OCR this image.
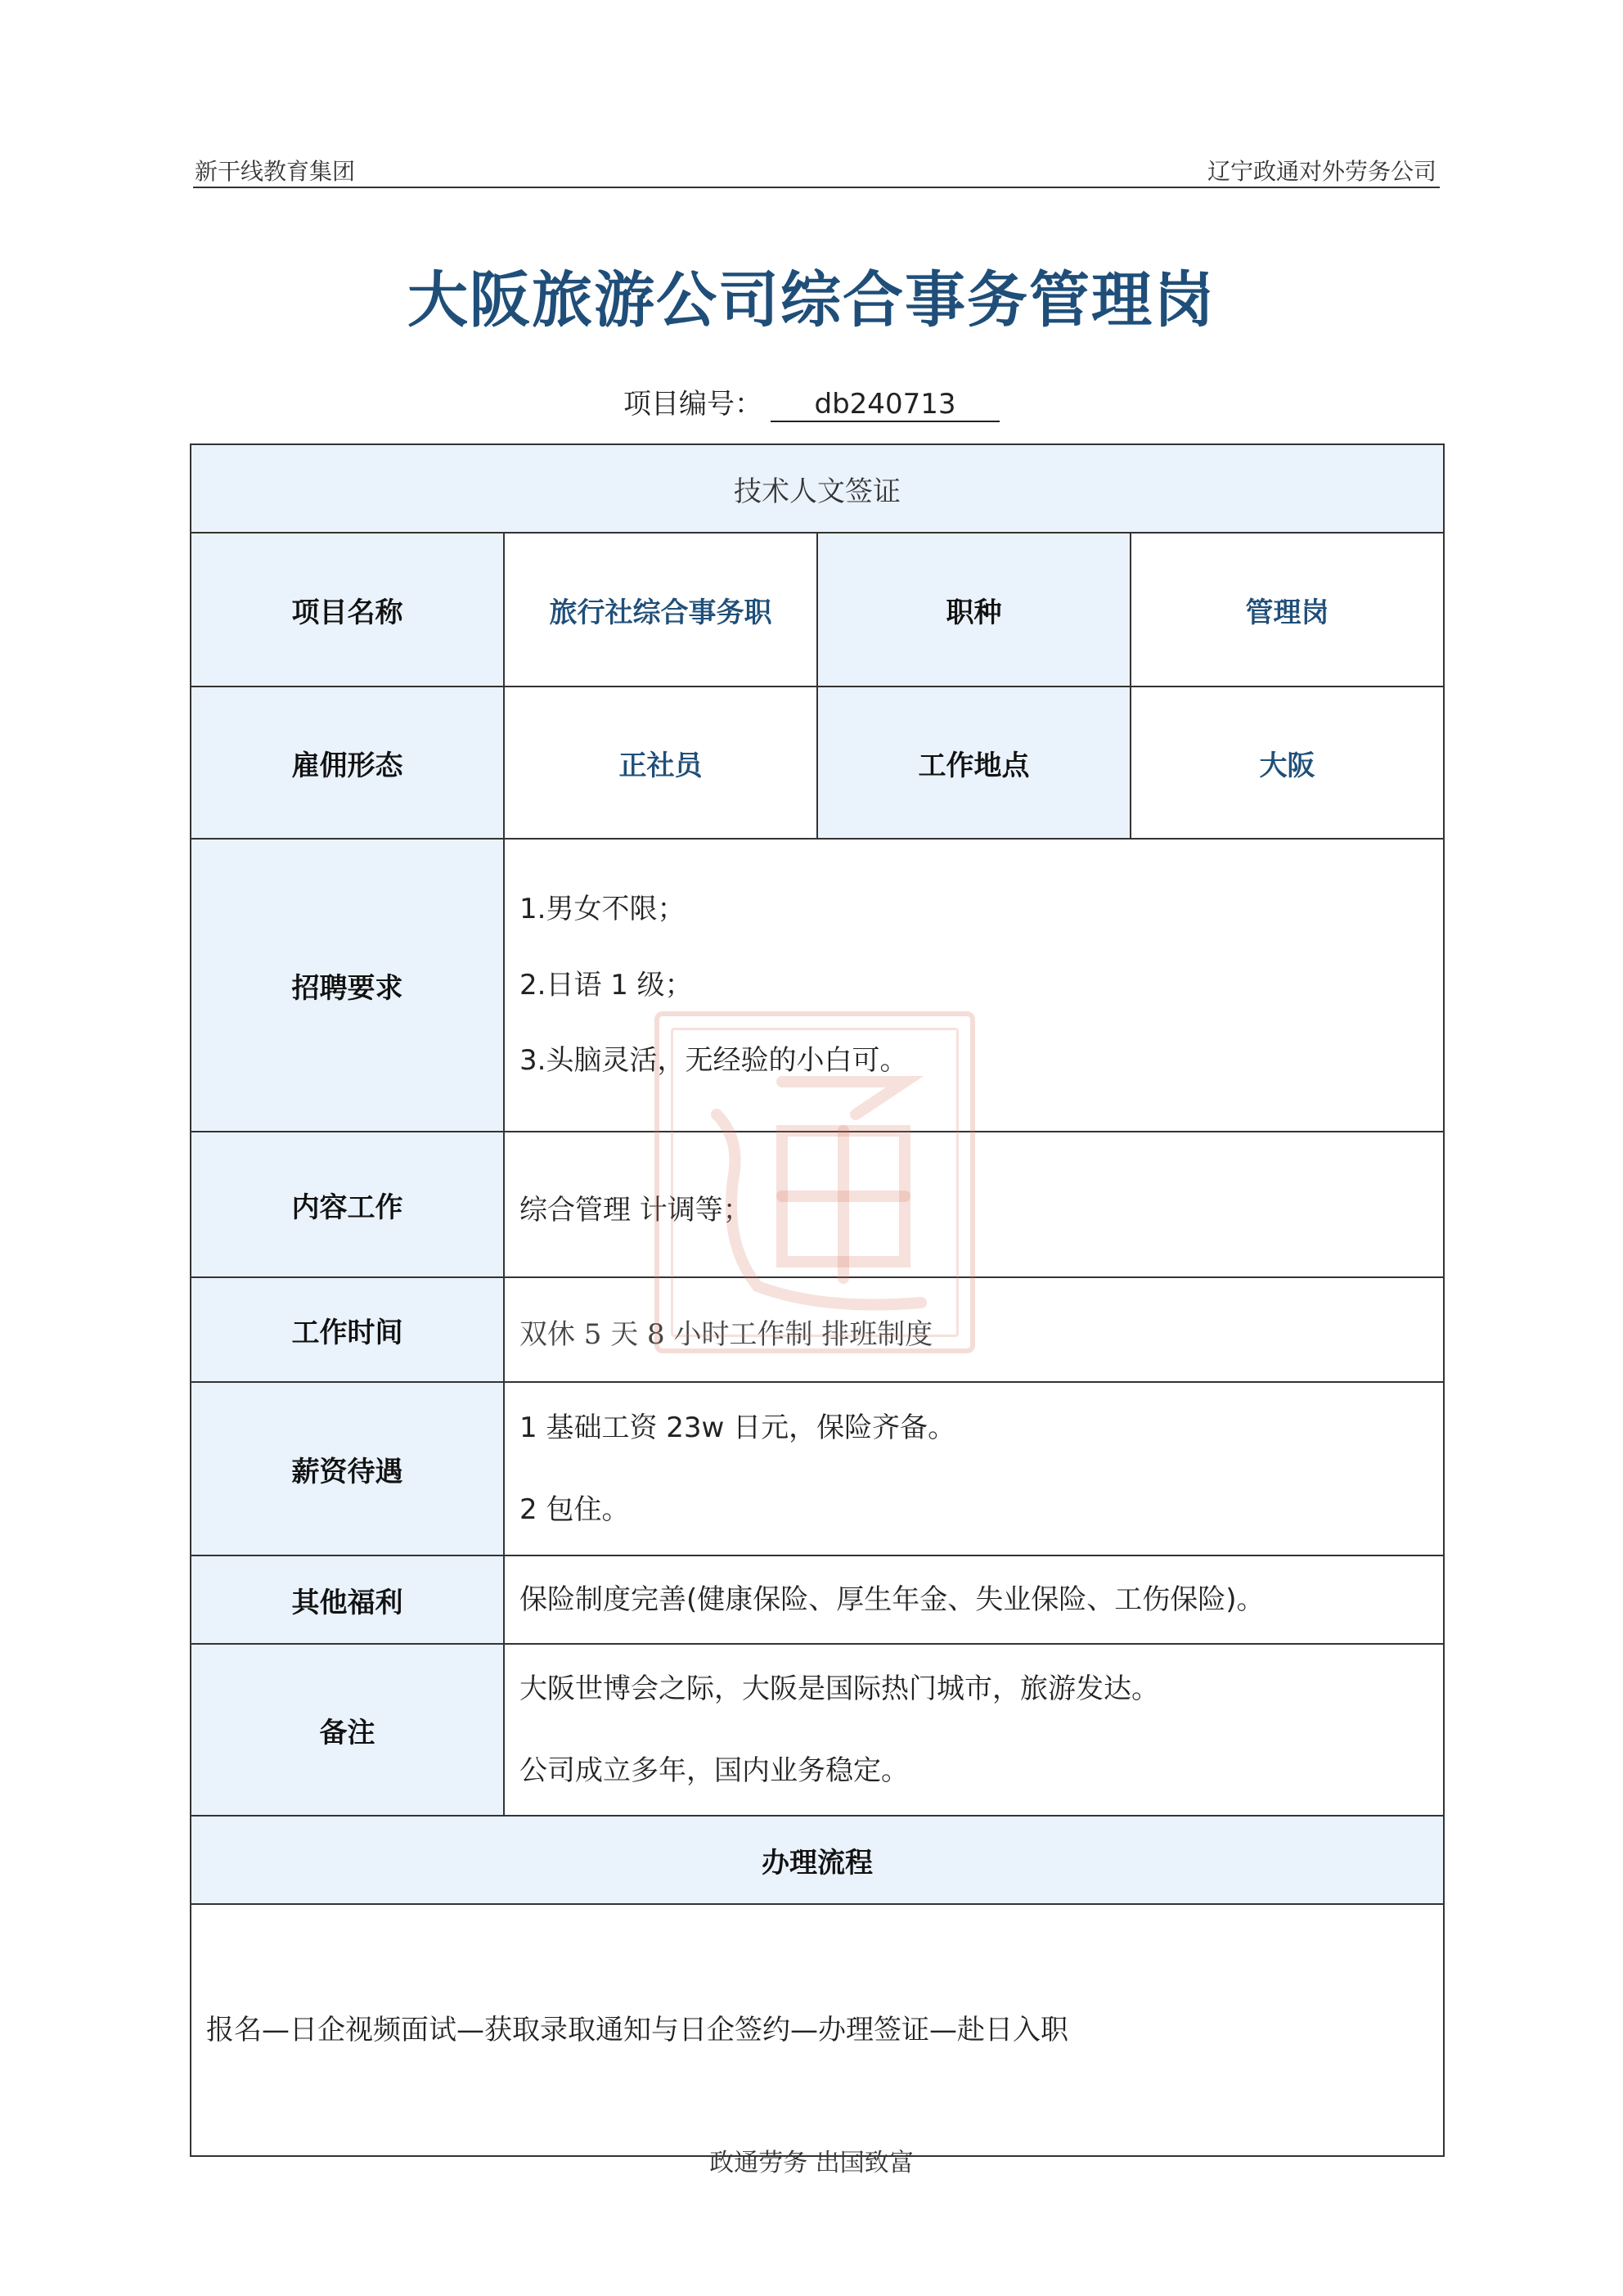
新干线教育集团	辽宁政通对外劳务公司
大阪旅游公司综合事务管理岗
项目编号： db240713
技术人文签证			
项目名称	旅行社综合事务职	职种	管理岗
雇佣形态	正社员	工作地点	大阪
招聘要求	1.男女不限；

2.日语 1 级；

3.头脑灵活，无经验的小白可。		

内容工作	综合管理 计调等；		

工作时间	双休 5 天 8 小时工作制 排班制度		

薪资待遇	1 基础工资 23w 日元，保险齐备。

2 包住。		

其他福利	保险制度完善(健康保险、厚生年金、失业保险、工伤保险)。		

备注	大阪世博会之际，大阪是国际热门城市，旅游发达。

公司成立多年，国内业务稳定。		

办理流程			

报名—日企视频面试—获取录取通知与日企签约—办理签证—赴日入职			

政通劳务 出国致富
